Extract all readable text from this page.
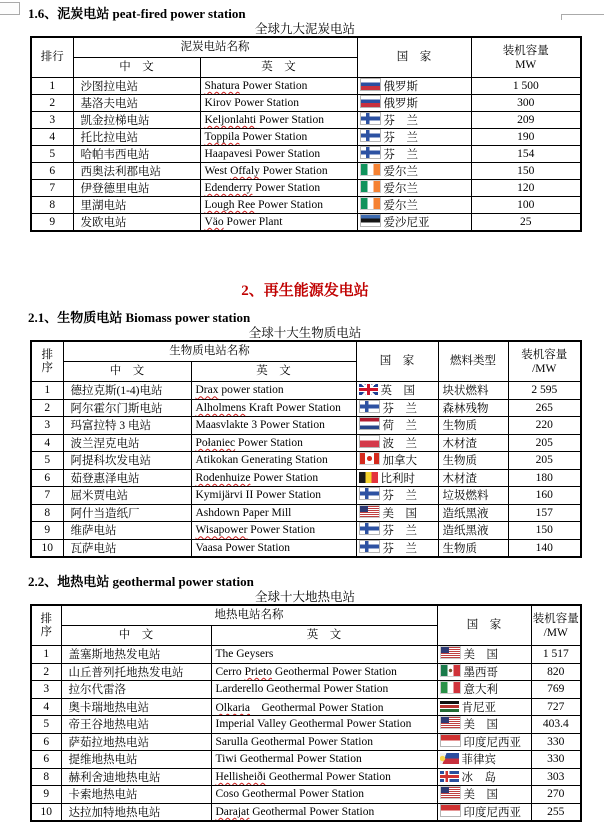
1.6、泥炭电站 peat-fired power station
全球九大泥炭电站
排行	泥炭电站名称		国　家	装机容量
MW

	中　文	英　文		
1	沙图拉电站	Shatura Power Station	俄罗斯	1 500
2	基洛夫电站	Kirov Power Station	俄罗斯	300
3	凯金拉梯电站	Keljonlahti Power Station	芬　兰	209
4	托比拉电站	Toppila Power Station	芬　兰	190
5	哈帕韦西电站	Haapavesi Power Station	芬　兰	154
6	西奥法利郡电站	West Offaly Power Station	爱尔兰	150
7	伊登德里电站	Edenderry Power Station	爱尔兰	120
8	里湖电站	Lough Ree Power Station	爱尔兰	100
9	发欧电站	Väo Power Plant	爱沙尼亚	25
2、再生能源发电站
2.1、生物质电站 Biomass power station
全球十大生物质电站
排
序
	生物质电站名称	国　家	燃料类型	
装机容量
/MW

	中　文	英　文			
1	德拉克斯(1-4)电站	Drax power station	英　国	块状燃料	2 595
2	阿尔霍尔门斯电站	Alholmens Kraft Power Station	芬　兰	森林残物	265
3	玛富拉特 3 电站	Maasvlakte 3 Power Station	荷　兰	生物质	220
4	波兰涅克电站	Połaniec Power Station	波　兰	木材渣	205
5	阿提科坎发电站	Atikokan Generating Station	加拿大	生物质	205
6	茹登惠泽电站	Rodenhuize Power Station	比利时	木材渣	180
7	屈米贾电站	Kymijärvi II Power Station	芬　兰	垃圾燃料	160
8	阿什当造纸厂	Ashdown Paper Mill	美　国	造纸黑液	157
9	维萨电站	Wisapower Power Station	芬　兰	造纸黑液	150
10	瓦萨电站	Vaasa Power Station	芬　兰	生物质	140
2.2、地热电站 geothermal power station
全球十大地热电站
排
序
	地热电站名称	国　家	
装机容量
/MW

	中　文	英　文		
1	盖塞斯地热发电站	The Geysers	美　国	1 517
2	山丘普列托地热发电站	Cerro Prieto Geothermal Power Station	墨西哥	820
3	拉尔代雷洛	Larderello Geothermal Power Station	意大利	769
4	奥卡瑞地热电站	Olkaria　Geothermal Power Station	肯尼亚	727
5	帝王谷地热电站	Imperial Valley Geothermal Power Station	美　国	403.4
6	萨茹拉地热电站	Sarulla Geothermal Power Station	印度尼西亚	330
6	提维地热电站	Tiwi Geothermal Power Station	菲律宾	330
8	赫利舍迪地热电站	Hellisheiði Geothermal Power Station	冰　岛	303
9	卡索地热电站	Coso Geothermal Power Station	美　国	270
10	达拉加特地热电站	Darajat Geothermal Power Station	印度尼西亚	255
